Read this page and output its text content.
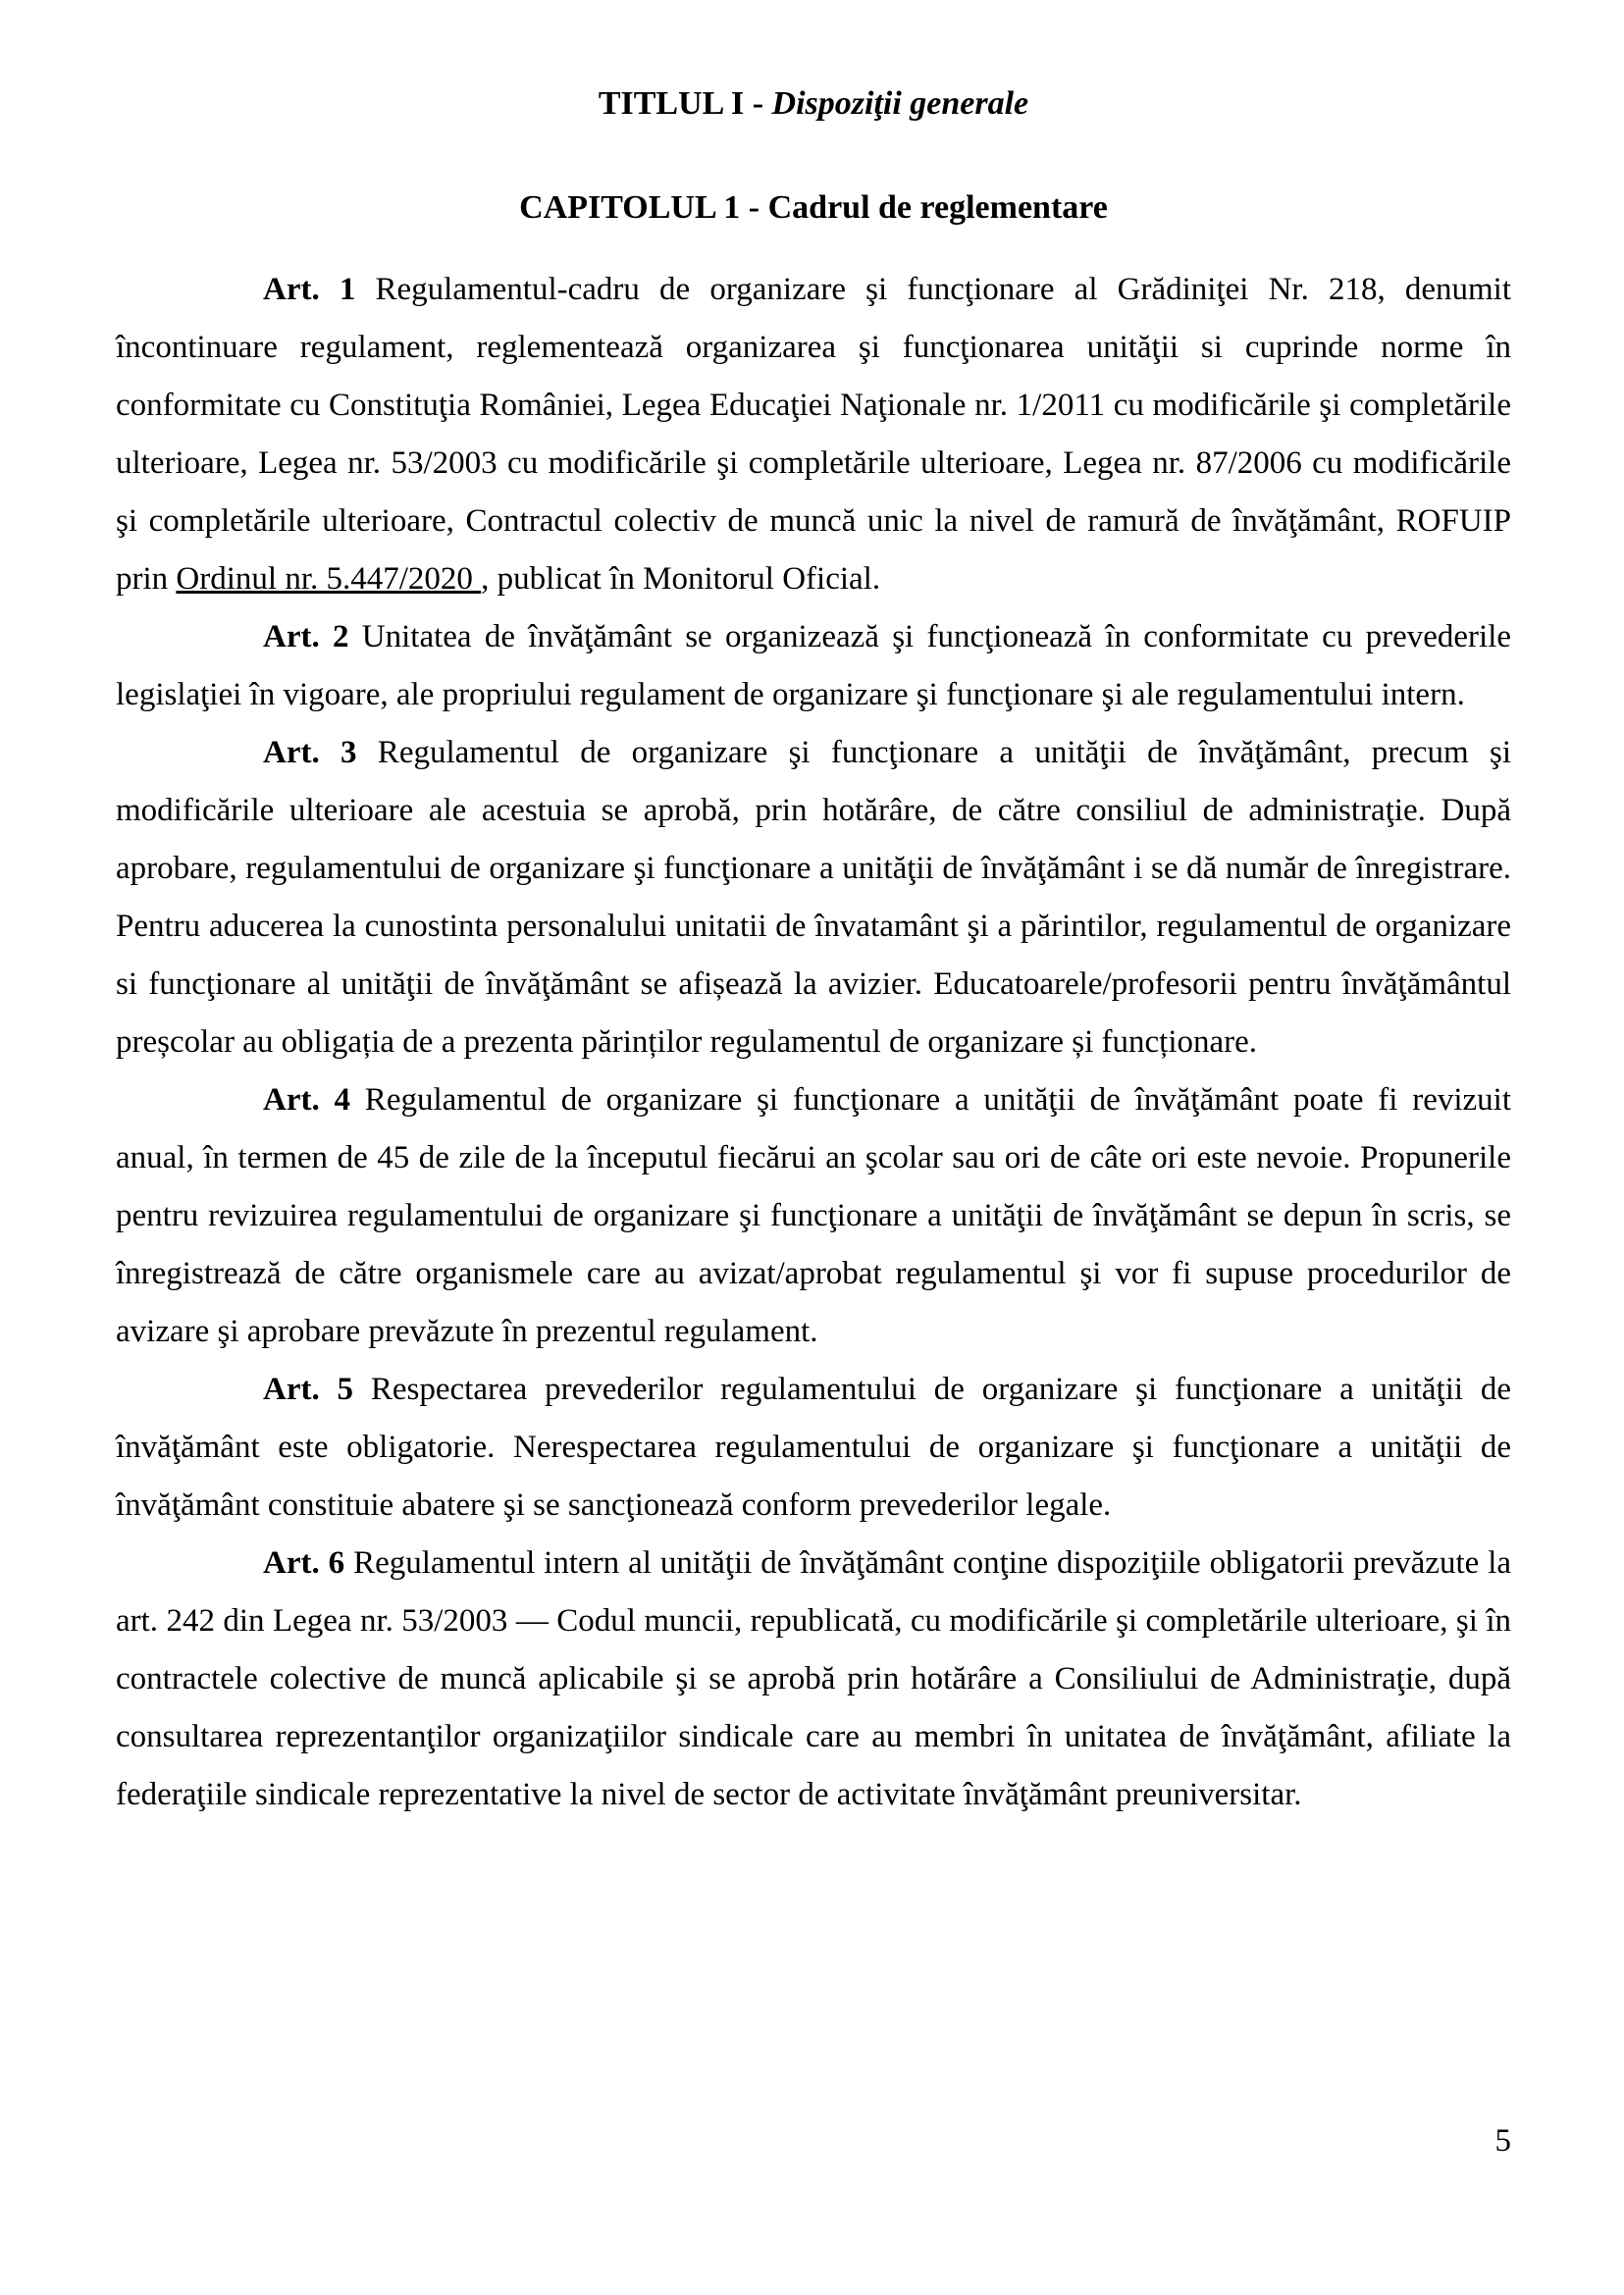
TITLUL I - Dispoziţii generale
CAPITOLUL 1 - Cadrul de reglementare

Art. 1 Regulamentul-cadru de organizare şi funcţionare al Grădiniţei Nr. 218, denumit încontinuare regulament, reglementează organizarea şi funcţionarea unităţii si cuprinde norme în conformitate cu Constituţia României, Legea Educaţiei Naţionale nr. 1/2011 cu modificările şi completările ulterioare, Legea nr. 53/2003 cu modificările şi completările ulterioare, Legea nr. 87/2006 cu modificările şi completările ulterioare, Contractul colectiv de muncă unic la nivel de ramură de învăţământ, ROFUIP prin Ordinul nr. 5.447/2020 , publicat în Monitorul Oficial.

Art. 2 Unitatea de învăţământ se organizează şi funcţionează în conformitate cu prevederile legislaţiei în vigoare, ale propriului regulament de organizare şi funcţionare şi ale regulamentului intern.

Art. 3 Regulamentul de organizare şi funcţionare a unităţii de învăţământ, precum şi modificările ulterioare ale acestuia se aprobă, prin hotărâre, de către consiliul de administraţie. După aprobare, regulamentului de organizare şi funcţionare a unităţii de învăţământ i se dă număr de înregistrare. Pentru aducerea la cunostinta personalului unitatii de învatamânt şi a părintilor, regulamentul de organizare si funcţionare al unităţii de învăţământ se afișează la avizier. Educatoarele/profesorii pentru învăţământul preșcolar au obligația de a prezenta părinților regulamentul de organizare și funcționare.

Art. 4 Regulamentul de organizare şi funcţionare a unităţii de învăţământ poate fi revizuit anual, în termen de 45 de zile de la începutul fiecărui an şcolar sau ori de câte ori este nevoie. Propunerile pentru revizuirea regulamentului de organizare şi funcţionare a unităţii de învăţământ se depun în scris, se înregistrează de către organismele care au avizat/aprobat regulamentul şi vor fi supuse procedurilor de avizare şi aprobare prevăzute în prezentul regulament.

Art. 5 Respectarea prevederilor regulamentului de organizare şi funcţionare a unităţii de învăţământ este obligatorie. Nerespectarea regulamentului de organizare şi funcţionare a unităţii de învăţământ constituie abatere şi se sancţionează conform prevederilor legale.

Art. 6 Regulamentul intern al unităţii de învăţământ conţine dispoziţiile obligatorii prevăzute la art. 242 din Legea nr. 53/2003 — Codul muncii, republicată, cu modificările şi completările ulterioare, şi în contractele colective de muncă aplicabile şi se aprobă prin hotărâre a Consiliului de Administraţie, după consultarea reprezentanţilor organizaţiilor sindicale care au membri în unitatea de învăţământ, afiliate la federaţiile sindicale reprezentative la nivel de sector de activitate învăţământ preuniversitar.

5
